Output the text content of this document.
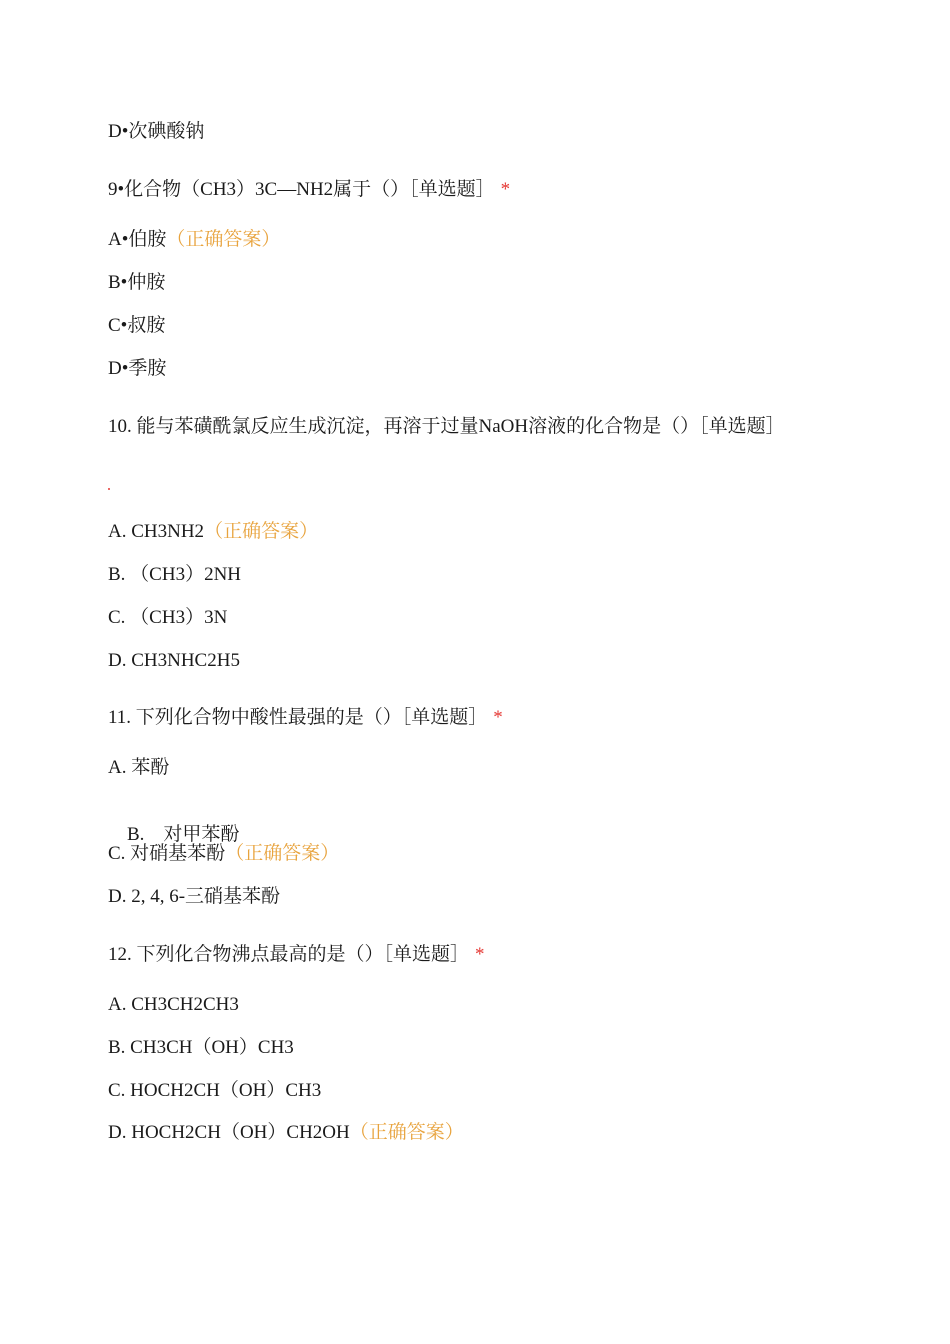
D•次碘酸钠
9•化合物（CH3）3C—NH2属于（）［单选题］ *
A•伯胺（正确答案）
B•仲胺
C•叔胺
D•季胺
10. 能与苯磺酰氯反应生成沉淀，再溶于过量NaOH溶液的化合物是（）［单选题］
A. CH3NH2（正确答案）
B. （CH3）2NH
C. （CH3）3N
D. CH3NHC2H5
11. 下列化合物中酸性最强的是（）［单选题］ *
A. 苯酚

B.    对甲苯酚

C. 对硝基苯酚（正确答案）
D. 2, 4, 6-三硝基苯酚
12. 下列化合物沸点最高的是（）［单选题］ *
A. CH3CH2CH3
B. CH3CH（OH）CH3
C. HOCH2CH（OH）CH3
D. HOCH2CH（OH）CH2OH（正确答案）
